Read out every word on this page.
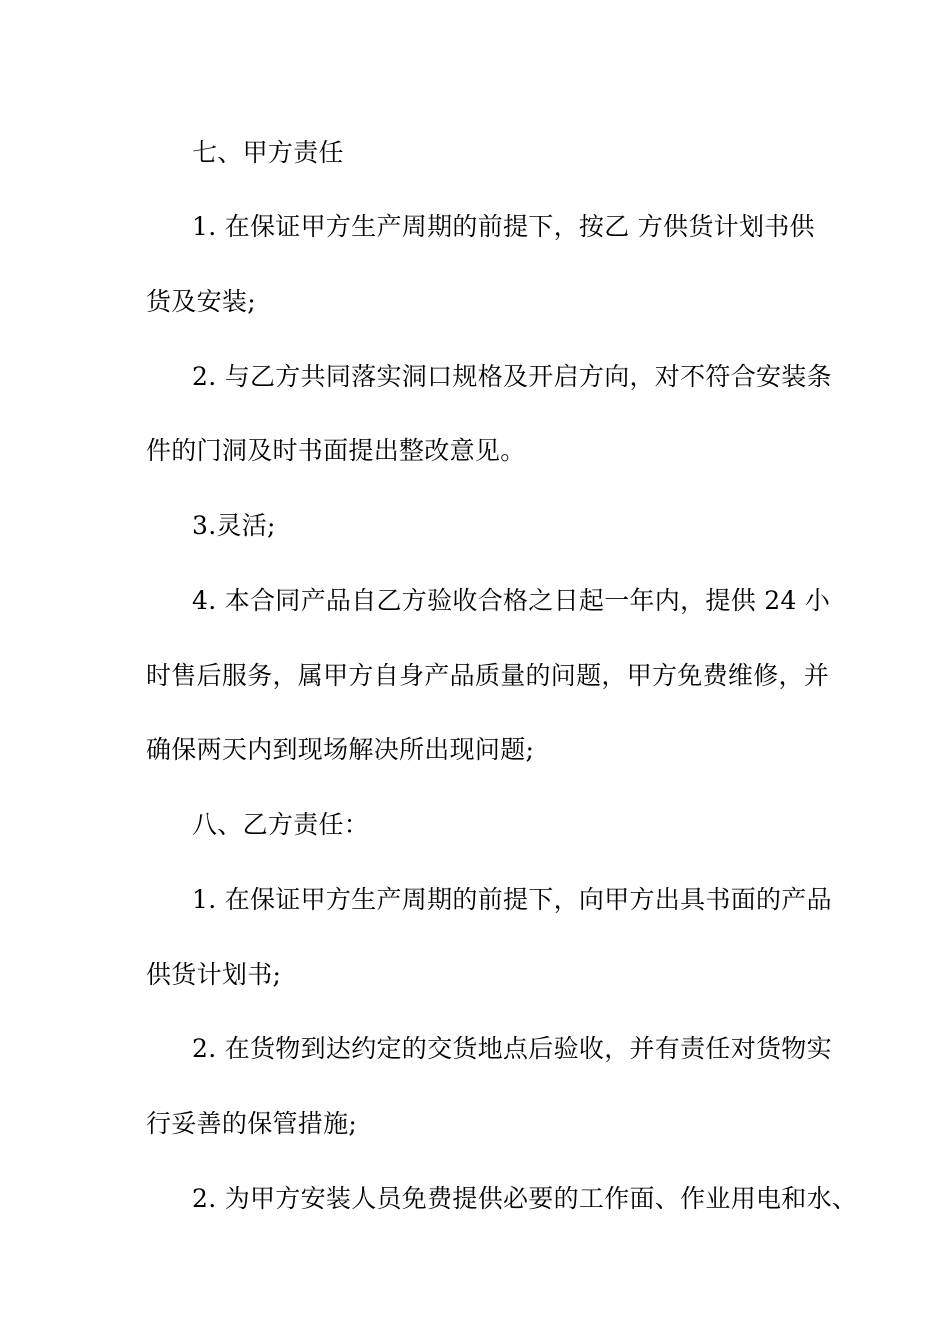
七、甲方责任
1. 在保证甲方生产周期的前提下，按乙 方供货计划书供
货及安装;
2. 与乙方共同落实洞口规格及开启方向，对不符合安装条
件的门洞及时书面提出整改意见。
3.灵活;
4. 本合同产品自乙方验收合格之日起一年内，提供 24 小
时售后服务，属甲方自身产品质量的问题，甲方免费维修，并
确保两天内到现场解决所出现问题;
八、乙方责任：
1. 在保证甲方生产周期的前提下，向甲方出具书面的产品
供货计划书;
2. 在货物到达约定的交货地点后验收，并有责任对货物实
行妥善的保管措施;
2. 为甲方安装人员免费提供必要的工作面、作业用电和水、
